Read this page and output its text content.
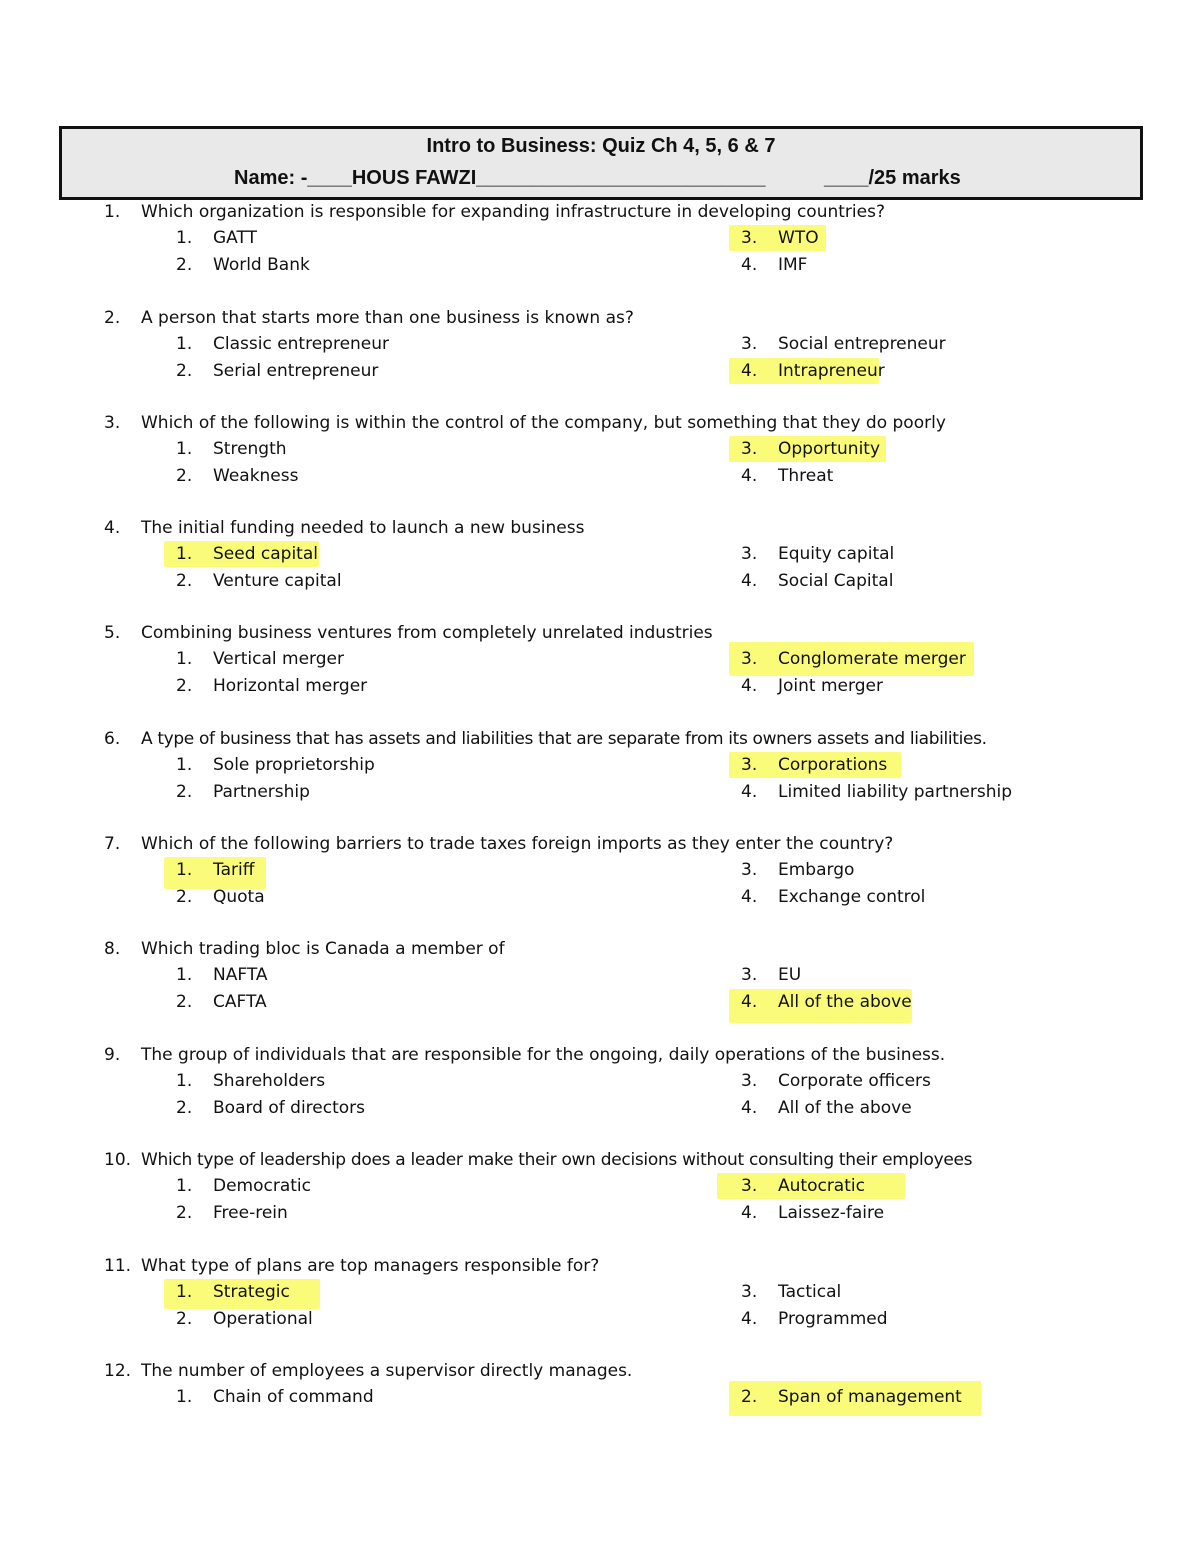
Intro to Business: Quiz Ch 4, 5, 6 & 7
Name: -____HOUS FAWZI__________________________	____/25 marks
1. Which organization is responsible for expanding infrastructure in developing countries?
1. GATT
2. World Bank
3. WTO
4. IMF
2. A person that starts more than one business is known as?
1. Classic entrepreneur
2. Serial entrepreneur
3. Social entrepreneur
4. Intrapreneur
3. Which of the following is within the control of the company, but something that they do poorly
1. Strength
2. Weakness
3. Opportunity
4. Threat
4. The initial funding needed to launch a new business
1. Seed capital
2. Venture capital
3. Equity capital
4. Social Capital
5. Combining business ventures from completely unrelated industries
1. Vertical merger
2. Horizontal merger
3. Conglomerate merger
4. Joint merger
6. A type of business that has assets and liabilities that are separate from its owners assets and liabilities.
1. Sole proprietorship
2. Partnership
3. Corporations
4. Limited liability partnership
7. Which of the following barriers to trade taxes foreign imports as they enter the country?
1. Tariff
2. Quota
3. Embargo
4. Exchange control
8. Which trading bloc is Canada a member of
1. NAFTA
2. CAFTA
3. EU
4. All of the above
9. The group of individuals that are responsible for the ongoing, daily operations of the business.
1. Shareholders
2. Board of directors
3. Corporate officers
4. All of the above
10. Which type of leadership does a leader make their own decisions without consulting their employees
1. Democratic
2. Free-rein
3. Autocratic
4. Laissez-faire
11. What type of plans are top managers responsible for?
1. Strategic
2. Operational
3. Tactical
4. Programmed
12. The number of employees a supervisor directly manages.
1. Chain of command	2. Span of management
